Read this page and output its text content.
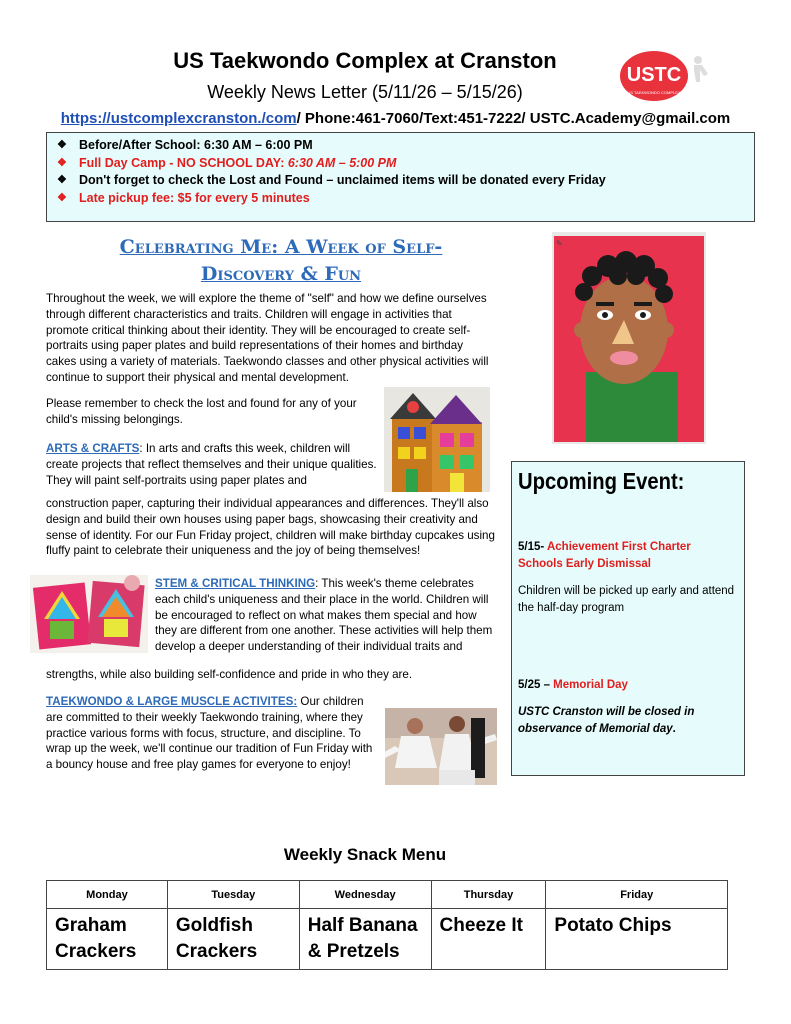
US Taekwondo Complex at Cranston
Weekly News Letter (5/11/26 – 5/15/26)
USTC
US TAEKWONDO COMPLEX
https://ustcomplexcranston./com/ Phone:461-7060/Text:451-7222/ USTC.Academy@gmail.com
❖ Before/After School: 6:30 AM – 6:00 PM
❖ Full Day Camp - NO SCHOOL DAY: 6:30 AM – 5:00 PM
❖ Don't forget to check the Lost and Found – unclaimed items will be donated every Friday
❖ Late pickup fee: $5 for every 5 minutes
Celebrating Me: A Week of Self-
Discovery & Fun
Throughout the week, we will explore the theme of "self" and how we define ourselves through different characteristics and traits. Children will engage in activities that promote critical thinking about their identity. They will be encouraged to create self-portraits using paper plates and build representations of their homes and birthday cakes using a variety of materials. Taekwondo classes and other physical activities will continue to support their physical and mental development.
Please remember to check the lost and found for any of your child's missing belongings.
ARTS & CRAFTS: In arts and crafts this week, children will create projects that reflect themselves and their unique qualities. They will paint self-portraits using paper plates and
construction paper, capturing their individual appearances and differences. They'll also design and build their own houses using paper bags, showcasing their creativity and sense of identity. For our Fun Friday project, children will make birthday cupcakes using fluffy paint to celebrate their uniqueness and the joy of being themselves!
STEM & CRITICAL THINKING: This week's theme celebrates each child's uniqueness and their place in the world. Children will be encouraged to reflect on what makes them special and how they are different from one another. These activities will help them develop a deeper understanding of their individual traits and
strengths, while also building self-confidence and pride in who they are.
TAEKWONDO & LARGE MUSCLE ACTIVITES: Our children are committed to their weekly Taekwondo training, where they practice various forms with focus, structure, and discipline. To wrap up the week, we'll continue our tradition of Fun Friday with a bouncy house and free play games for everyone to enjoy!
✎
Upcoming Event:
5/15- Achievement First Charter Schools Early Dismissal
Children will be picked up early and attend the half-day program
5/25 – Memorial Day
USTC Cranston will be closed in observance of Memorial day.
Weekly Snack Menu
Monday	Tuesday	Wednesday	Thursday	Friday
Graham Crackers	Goldfish Crackers	Half Banana & Pretzels	Cheeze It	Potato Chips
